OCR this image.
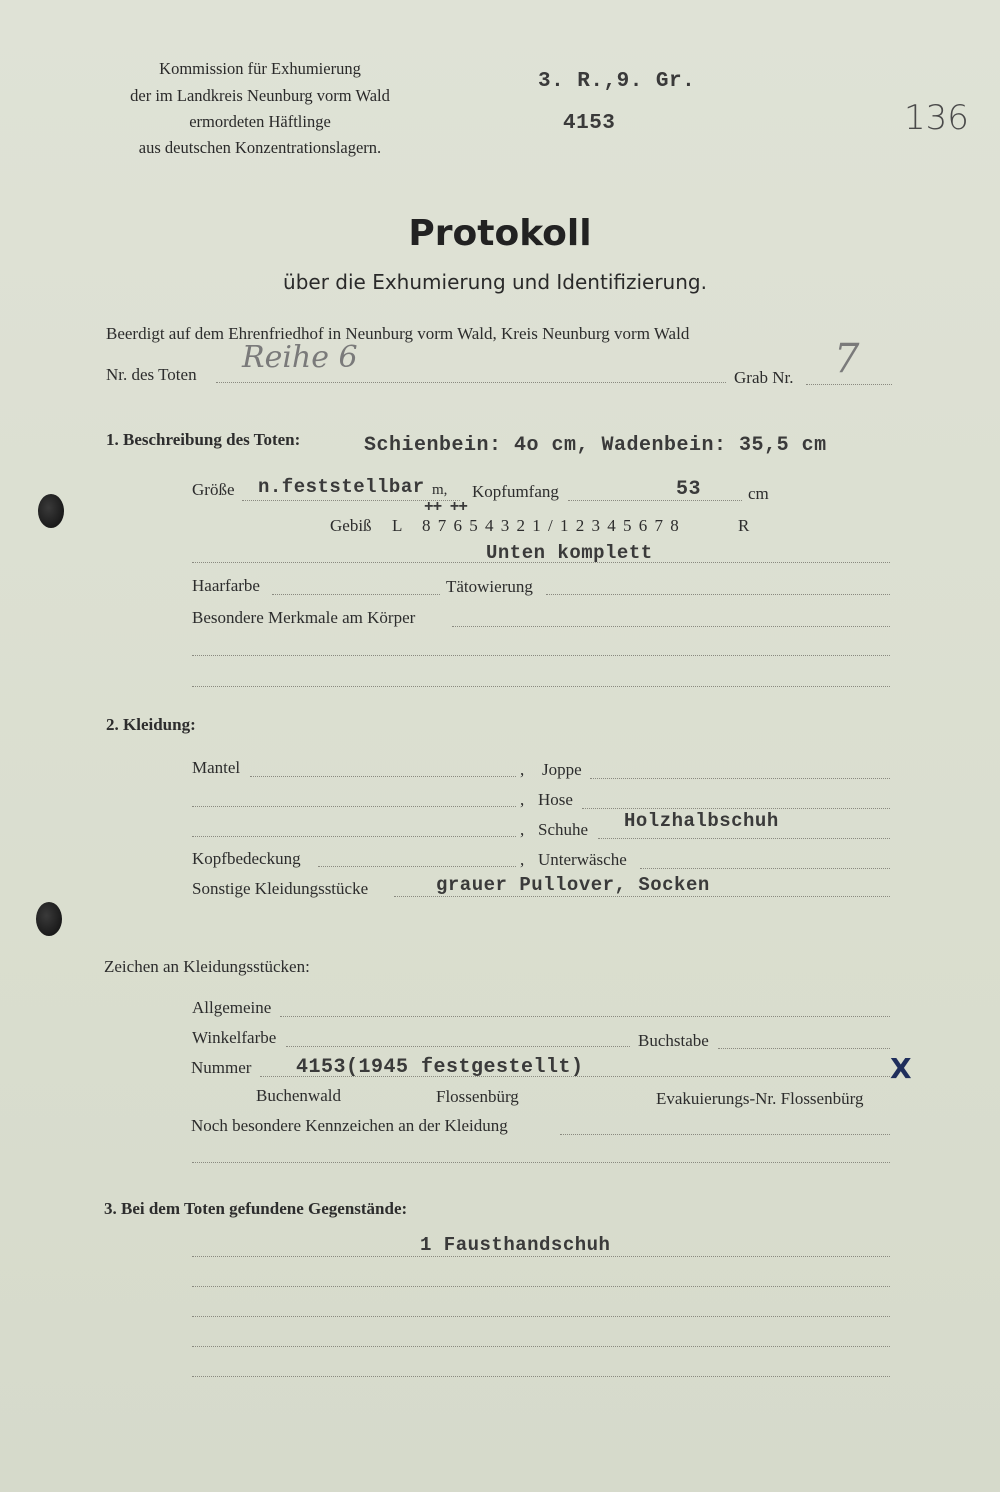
Kommission für Exhumierung
der im Landkreis Neunburg vorm Wald
ermordeten Häftlinge
aus deutschen Konzentrationslagern.
3. R.,9. Gr.
4153	136
Protokoll
über die Exhumierung und Identifizierung.
Beerdigt auf dem Ehrenfriedhof in Neunburg vorm Wald, Kreis Neunburg vorm Wald
Nr. des Toten Reihe 6
Grab Nr. 7
1. Beschreibung des Toten:	Schienbein: 4o cm, Wadenbein: 35,5 cm
Größe n.feststellbar m, Kopfumfang	53	cm
Gebiß L 8 7 6 5 4 3 2 1 / 1 2 3 4 5 6 7 8	R
++ ++
Unten komplett
Haarfarbe	Tätowierung
Besondere Merkmale am Körper
2. Kleidung:
Mantel	, Joppe
, Hose
, Schuhe Holzhalbschuh
Kopfbedeckung	, Unterwäsche
Sonstige Kleidungsstücke	grauer Pullover, Socken
Zeichen an Kleidungsstücken:
Allgemeine
Winkelfarbe	Buchstabe
Nummer 4153(1945 festgestellt)	X
Buchenwald	Flossenbürg	Evakuierungs-Nr. Flossenbürg
Noch besondere Kennzeichen an der Kleidung
3. Bei dem Toten gefundene Gegenstände:
1 Fausthandschuh
